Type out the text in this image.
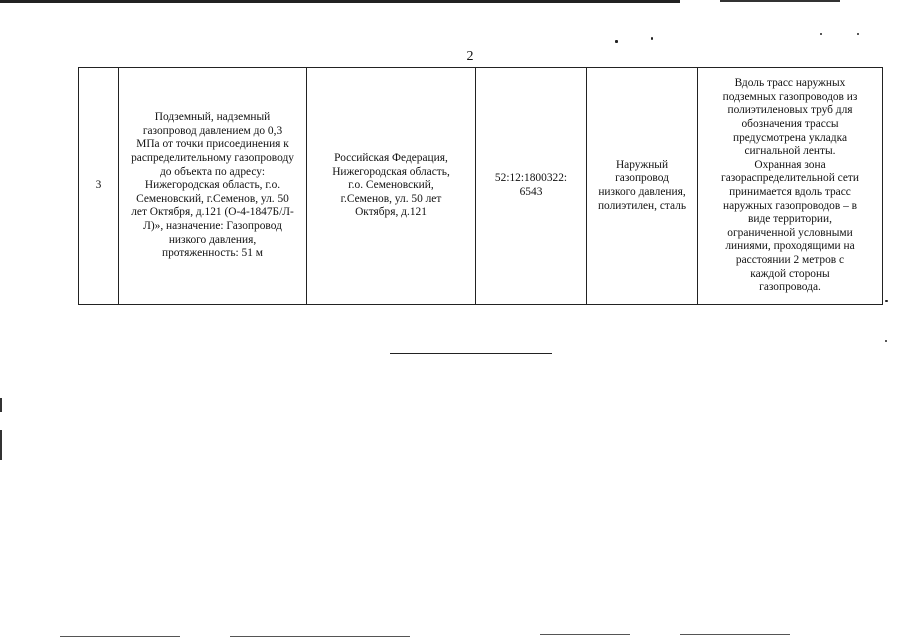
2
3	Подземный, надземный
газопровод давлением до 0,3
МПа от точки присоединения к
распределительному газопроводу
до объекта по адресу:
Нижегородская область, г.о.
Семеновский, г.Семенов, ул. 50
лет Октября, д.121 (О-4-1847Б/Л-
Л)», назначение: Газопровод
низкого давления,
протяженность: 51 м	Российская Федерация,
Нижегородская область,
г.о. Семеновский,
г.Семенов, ул. 50 лет
Октября, д.121	52:12:1800322:
6543	Наружный
газопровод
низкого давления,
полиэтилен, сталь	Вдоль трасс наружных
подземных газопроводов из
полиэтиленовых труб для
обозначения трассы
предусмотрена укладка
сигнальной ленты.
Охранная зона
газораспределительной сети
принимается вдоль трасс
наружных газопроводов – в
виде территории,
ограниченной условными
линиями, проходящими на
расстоянии 2 метров с
каждой стороны
газопровода.
